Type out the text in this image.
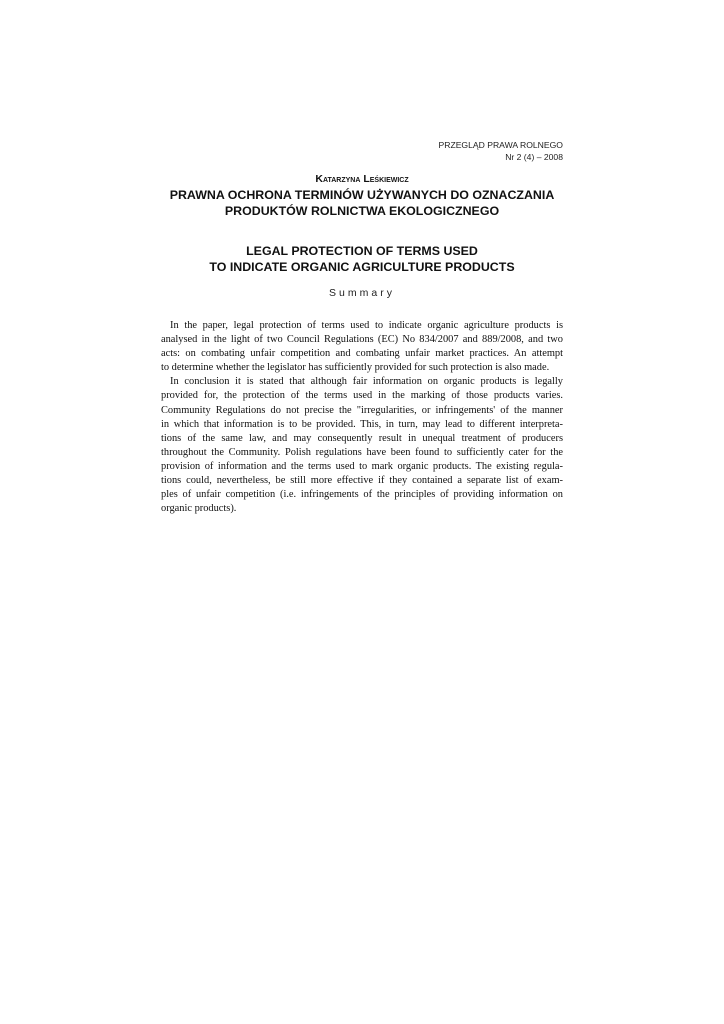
PRZEGLĄD PRAWA ROLNEGO
Nr 2 (4) – 2008
Katarzyna Leśkiewicz
PRAWNA OCHRONA TERMINÓW UŻYWANYCH DO OZNACZANIA
PRODUKTÓW ROLNICTWA EKOLOGICZNEGO
LEGAL PROTECTION OF TERMS USED
TO INDICATE ORGANIC AGRICULTURE PRODUCTS
Summary
In the paper, legal protection of terms used to indicate organic agriculture products is
analysed in the light of two Council Regulations (EC) No 834/2007 and 889/2008, and two
acts: on combating unfair competition and combating unfair market practices. An attempt
to determine whether the legislator has sufficiently provided for such protection is also made.
In conclusion it is stated that although fair information on organic products is legally
provided for, the protection of the terms used in the marking of those products varies.
Community Regulations do not precise the "irregularities, or infringements' of the manner
in which that information is to be provided. This, in turn, may lead to different interpreta-
tions of the same law, and may consequently result in unequal treatment of producers
throughout the Community. Polish regulations have been found to sufficiently cater for the
provision of information and the terms used to mark organic products. The existing regula-
tions could, nevertheless, be still more effective if they contained a separate list of exam-
ples of unfair competition (i.e. infringements of the principles of providing information on
organic products).
